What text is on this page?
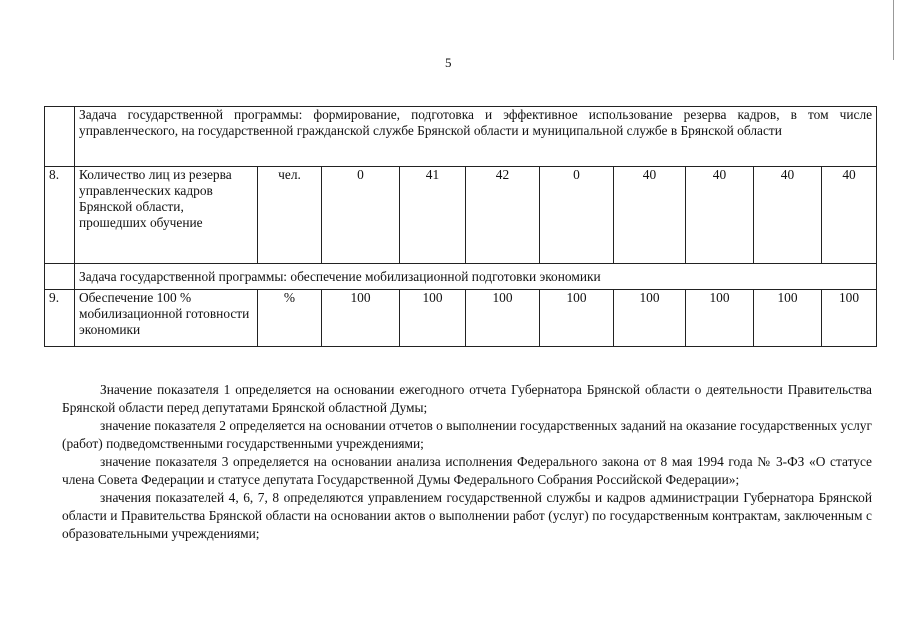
5
	Задача государственной программы: формирование, подготовка и эффективное использование резерва кадров, в том числе управленческого, на государственной гражданской службе Брянской области и муниципальной службе в Брянской области									
8.	Количество лиц из резерва управленческих кадров Брянской области, прошедших обучение	чел.	0	41	42	0	40	40	40	40
	Задача государственной программы: обеспечение мобилизационной подготовки экономики									
9.	Обеспечение 100 % мобилизационной готовности экономики	%	100	100	100	100	100	100	100	100

Значение показателя 1 определяется на основании ежегодного отчета Губернатора Брянской области о деятельности Правительства Брянской области перед депутатами Брянской областной Думы;

значение показателя 2 определяется на основании отчетов о выполнении государственных заданий на оказание государственных услуг (работ) подведомственными государственными учреждениями;

значение показателя 3 определяется на основании анализа исполнения Федерального закона от 8 мая 1994 года № 3-ФЗ «О статусе члена Совета Федерации и статусе депутата Государственной Думы Федерального Собрания Российской Федерации»;

значения показателей 4, 6, 7, 8 определяются управлением государственной службы и кадров администрации Губернатора Брянской области и Правительства Брянской области на основании актов о выполнении работ (услуг) по государственным контрактам, заключенным с образовательными учреждениями;
